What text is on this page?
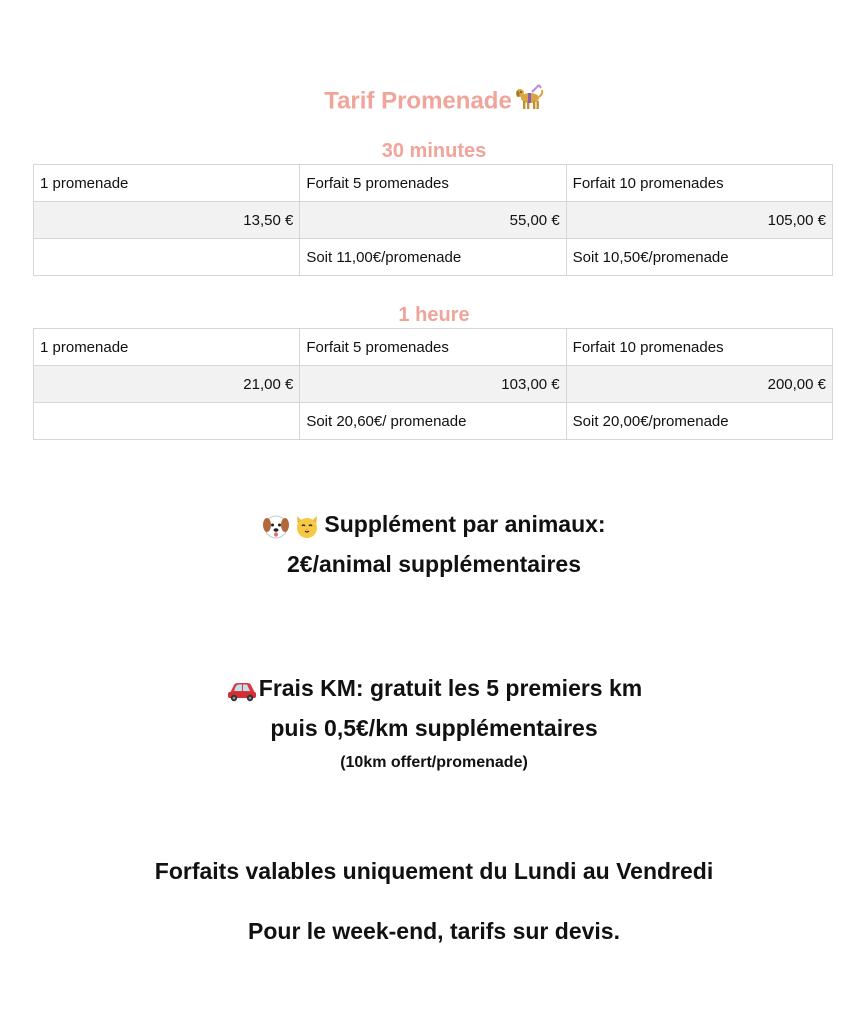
Tarif Promenade
30 minutes
1 promenade	Forfait 5 promenades	Forfait 10 promenades
13,50 €	55,00 €	105,00 €
	Soit 11,00€/promenade	Soit 10,50€/promenade
1 heure
1 promenade	Forfait 5 promenades	Forfait 10 promenades
21,00 €	103,00 €	200,00 €
	Soit 20,60€/ promenade	Soit 20,00€/promenade
Supplément par animaux:
2€/animal supplémentaires
Frais KM: gratuit les 5 premiers km
puis 0,5€/km supplémentaires
(10km offert/promenade)
Forfaits valables uniquement du Lundi au Vendredi
Pour le week-end, tarifs sur devis.
